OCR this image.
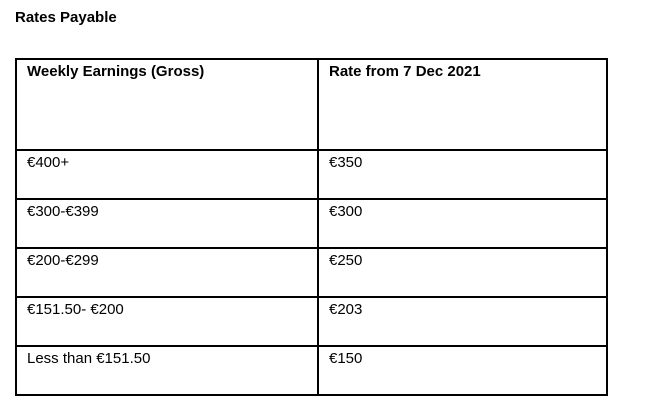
Rates Payable
Weekly Earnings (Gross)	Rate from 7 Dec 2021
€400+	€350
€300-€399	€300
€200-€299	€250
€151.50- €200	€203
Less than €151.50	€150
